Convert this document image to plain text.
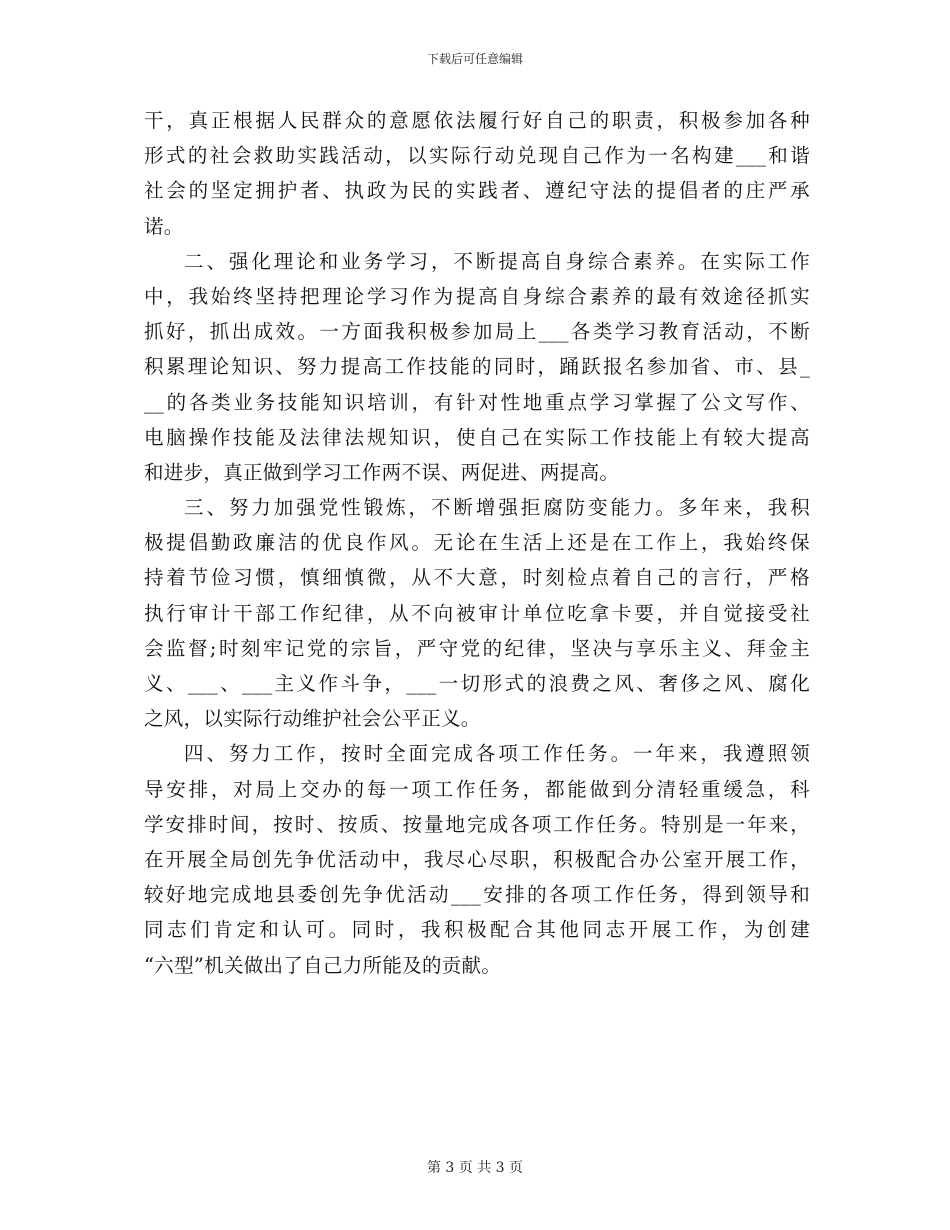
下载后可任意编辑
干，真正根据人民群众的意愿依法履行好自己的职责，积极参加各种
形式的社会救助实践活动，以实际行动兑现自己作为一名构建___和谐
社会的坚定拥护者、执政为民的实践者、遵纪守法的提倡者的庄严承
诺。
二、强化理论和业务学习，不断提高自身综合素养。在实际工作
中，我始终坚持把理论学习作为提高自身综合素养的最有效途径抓实
抓好，抓出成效。一方面我积极参加局上___各类学习教育活动，不断
积累理论知识、努力提高工作技能的同时，踊跃报名参加省、市、县_
__的各类业务技能知识培训，有针对性地重点学习掌握了公文写作、
电脑操作技能及法律法规知识，使自己在实际工作技能上有较大提高
和进步，真正做到学习工作两不误、两促进、两提高。
三、努力加强党性锻炼，不断增强拒腐防变能力。多年来，我积
极提倡勤政廉洁的优良作风。无论在生活上还是在工作上，我始终保
持着节俭习惯，慎细慎微，从不大意，时刻检点着自己的言行，严格
执行审计干部工作纪律，从不向被审计单位吃拿卡要，并自觉接受社
会监督;时刻牢记党的宗旨，严守党的纪律，坚决与享乐主义、拜金主
义、___、___主义作斗争，___一切形式的浪费之风、奢侈之风、腐化
之风，以实际行动维护社会公平正义。
四、努力工作，按时全面完成各项工作任务。一年来，我遵照领
导安排，对局上交办的每一项工作任务，都能做到分清轻重缓急，科
学安排时间，按时、按质、按量地完成各项工作任务。特别是一年来，
在开展全局创先争优活动中，我尽心尽职，积极配合办公室开展工作，
较好地完成地县委创先争优活动___安排的各项工作任务，得到领导和
同志们肯定和认可。同时，我积极配合其他同志开展工作，为创建
“六型”机关做出了自己力所能及的贡献。
第 3 页 共 3 页
